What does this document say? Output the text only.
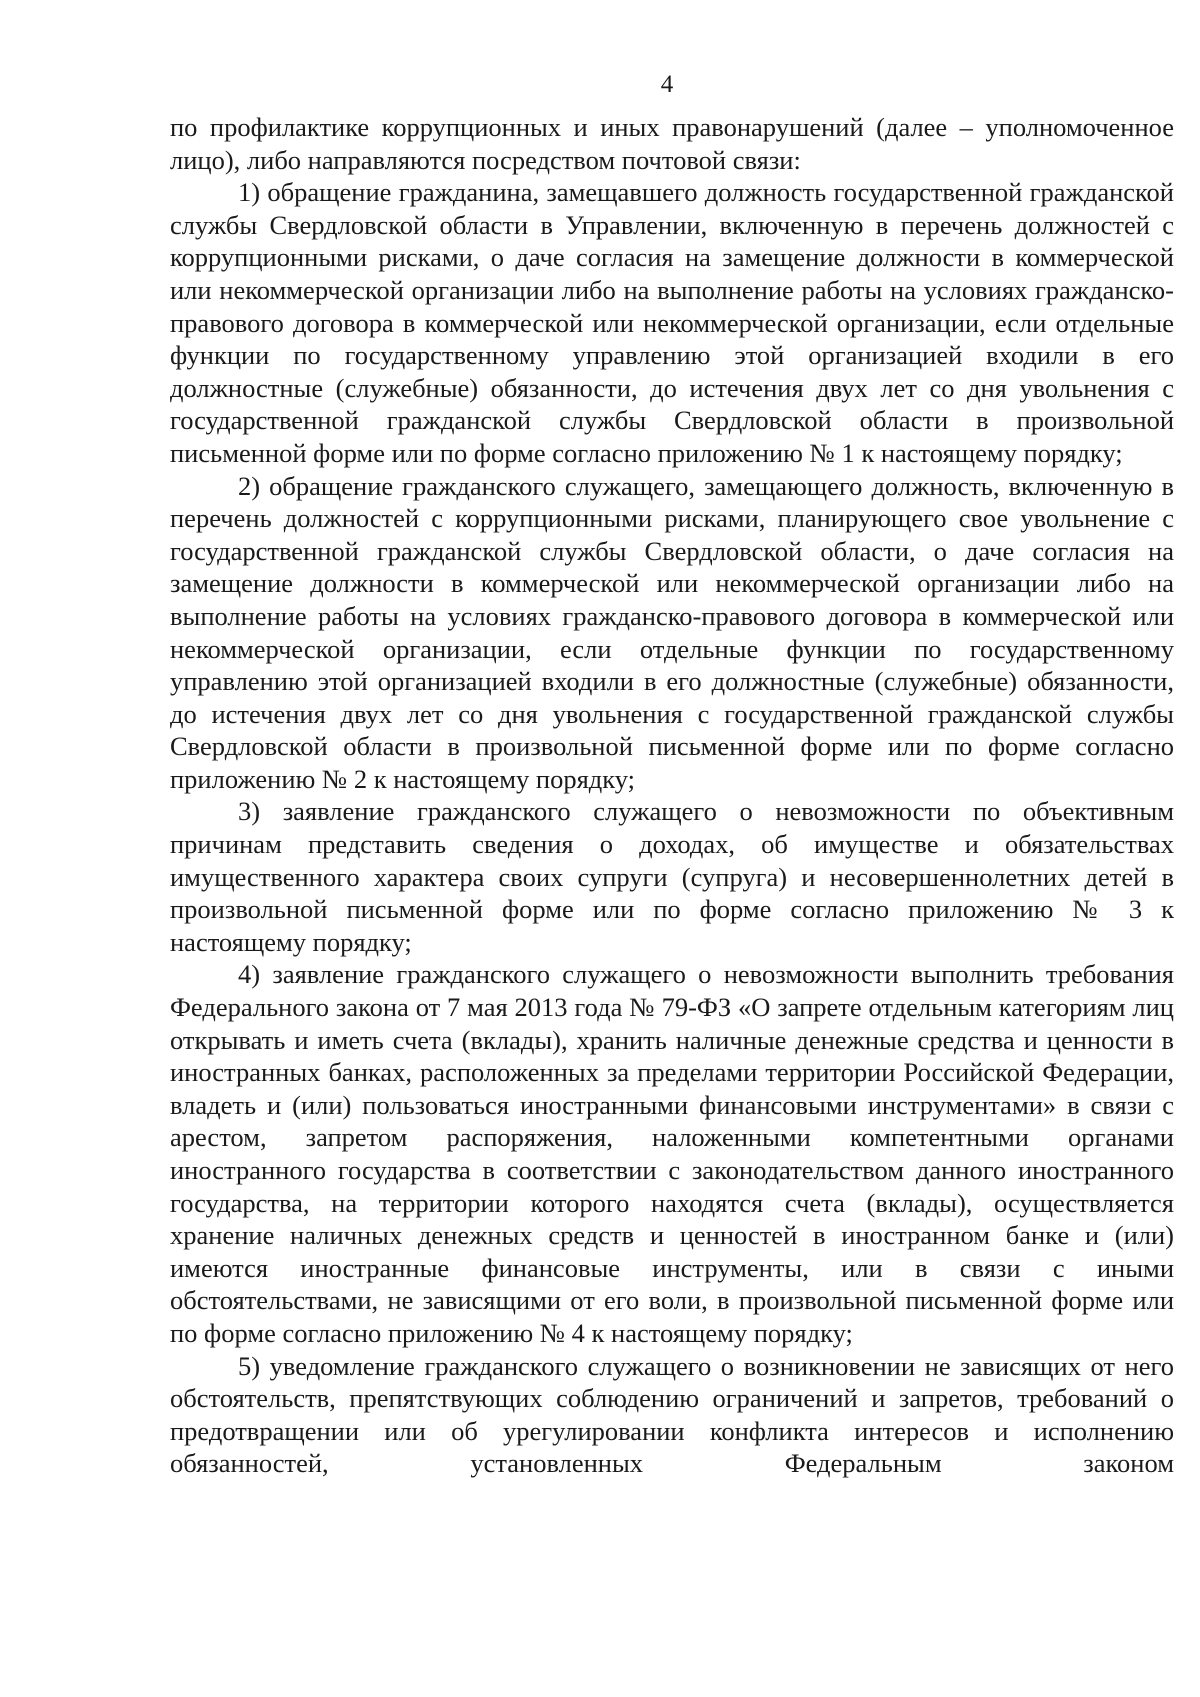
4

по профилактике коррупционных и иных правонарушений (далее – уполномоченное лицо), либо направляются посредством почтовой связи:

1) обращение гражданина, замещавшего должность государственной гражданской службы Свердловской области в Управлении, включенную в перечень должностей с коррупционными рисками, о даче согласия на замещение должности в коммерческой или некоммерческой организации либо на выполнение работы на условиях гражданско-правового договора в коммерческой или некоммерческой организации, если отдельные функции по государственному управлению этой организацией входили в его должностные (служебные) обязанности, до истечения двух лет со дня увольнения с государственной гражданской службы Свердловской области в произвольной письменной форме или по форме согласно приложению № 1 к настоящему порядку;

2) обращение гражданского служащего, замещающего должность, включенную в перечень должностей с коррупционными рисками, планирующего свое увольнение с государственной гражданской службы Свердловской области, о даче согласия на замещение должности в коммерческой или некоммерческой организации либо на выполнение работы на условиях гражданско-правового договора в коммерческой или некоммерческой организации, если отдельные функции по государственному управлению этой организацией входили в его должностные (служебные) обязанности, до истечения двух лет со дня увольнения с государственной гражданской службы Свердловской области в произвольной письменной форме или по форме согласно приложению № 2 к настоящему порядку;

3) заявление гражданского служащего о невозможности по объективным причинам представить сведения о доходах, об имуществе и обязательствах имущественного характера своих супруги (супруга) и несовершеннолетних детей в произвольной письменной форме или по форме согласно приложению № 3 к настоящему порядку;

4) заявление гражданского служащего о невозможности выполнить требования Федерального закона от 7 мая 2013 года № 79-ФЗ «О запрете отдельным категориям лиц открывать и иметь счета (вклады), хранить наличные денежные средства и ценности в иностранных банках, расположенных за пределами территории Российской Федерации, владеть и (или) пользоваться иностранными финансовыми инструментами» в связи с арестом, запретом распоряжения, наложенными компетентными органами иностранного государства в соответствии с законодательством данного иностранного государства, на территории которого находятся счета (вклады), осуществляется хранение наличных денежных средств и ценностей в иностранном банке и (или) имеются иностранные финансовые инструменты, или в связи с иными обстоятельствами, не зависящими от его воли, в произвольной письменной форме или по форме согласно приложению № 4 к настоящему порядку;

5) уведомление гражданского служащего о возникновении не зависящих от него обстоятельств, препятствующих соблюдению ограничений и запретов, требований о предотвращении или об урегулировании конфликта интересов и исполнению обязанностей, установленных Федеральным законом
